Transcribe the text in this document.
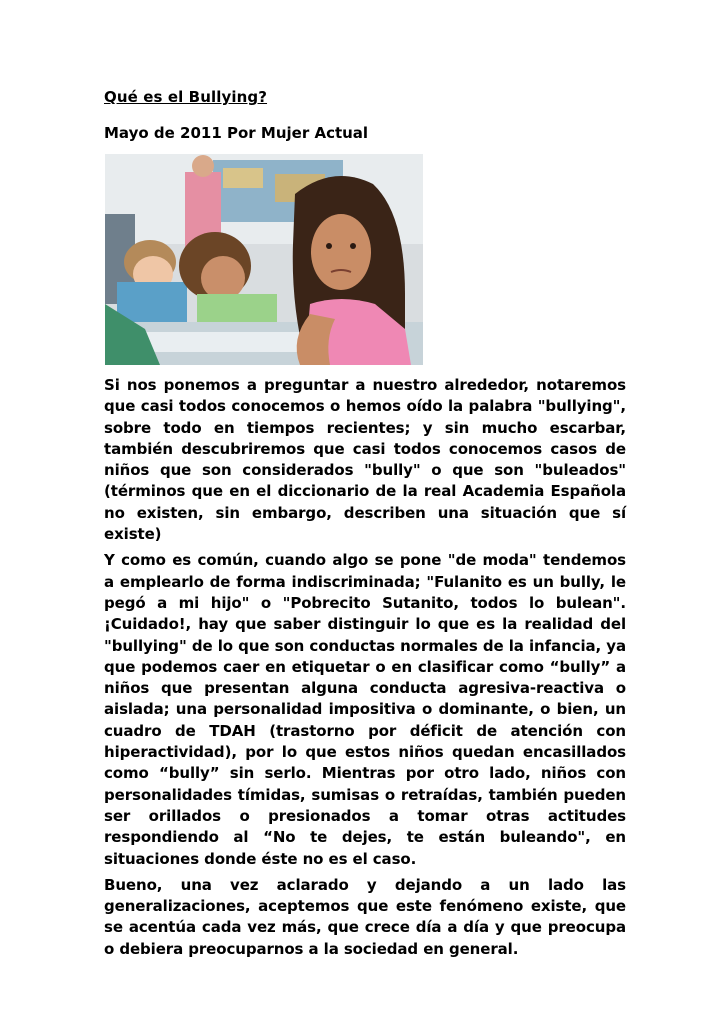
Qué es el Bullying?
Mayo de 2011 Por Mujer Actual

Si nos ponemos a preguntar a nuestro alrededor, notaremos que casi todos conocemos o hemos oído la palabra "bullying", sobre todo en tiempos recientes; y sin mucho escarbar, también descubriremos que casi todos conocemos casos de niños que son considerados "bully" o que son "buleados" (términos que en el diccionario de la real Academia Española no existen, sin embargo, describen una situación que sí existe)

Y como es común, cuando algo se pone "de moda" tendemos a emplearlo de forma indiscriminada; "Fulanito es un bully, le pegó a mi hijo" o "Pobrecito Sutanito, todos lo bulean". ¡Cuidado!, hay que saber distinguir lo que es la realidad del "bullying" de lo que son conductas normales de la infancia, ya que podemos caer en etiquetar o en clasificar como “bully” a niños que presentan alguna conducta agresiva-reactiva o aislada; una personalidad impositiva o dominante, o bien, un cuadro de TDAH (trastorno por déficit de atención con hiperactividad), por lo que estos niños quedan encasillados como “bully” sin serlo. Mientras por otro lado, niños con personalidades tímidas, sumisas o retraídas, también pueden ser orillados o presionados a tomar otras actitudes respondiendo al “No te dejes, te están buleando", en situaciones donde éste no es el caso.

Bueno, una vez aclarado y dejando a un lado las generalizaciones, aceptemos que este fenómeno existe, que se acentúa cada vez más, que crece día a día y que preocupa o debiera preocuparnos a la sociedad en general.
